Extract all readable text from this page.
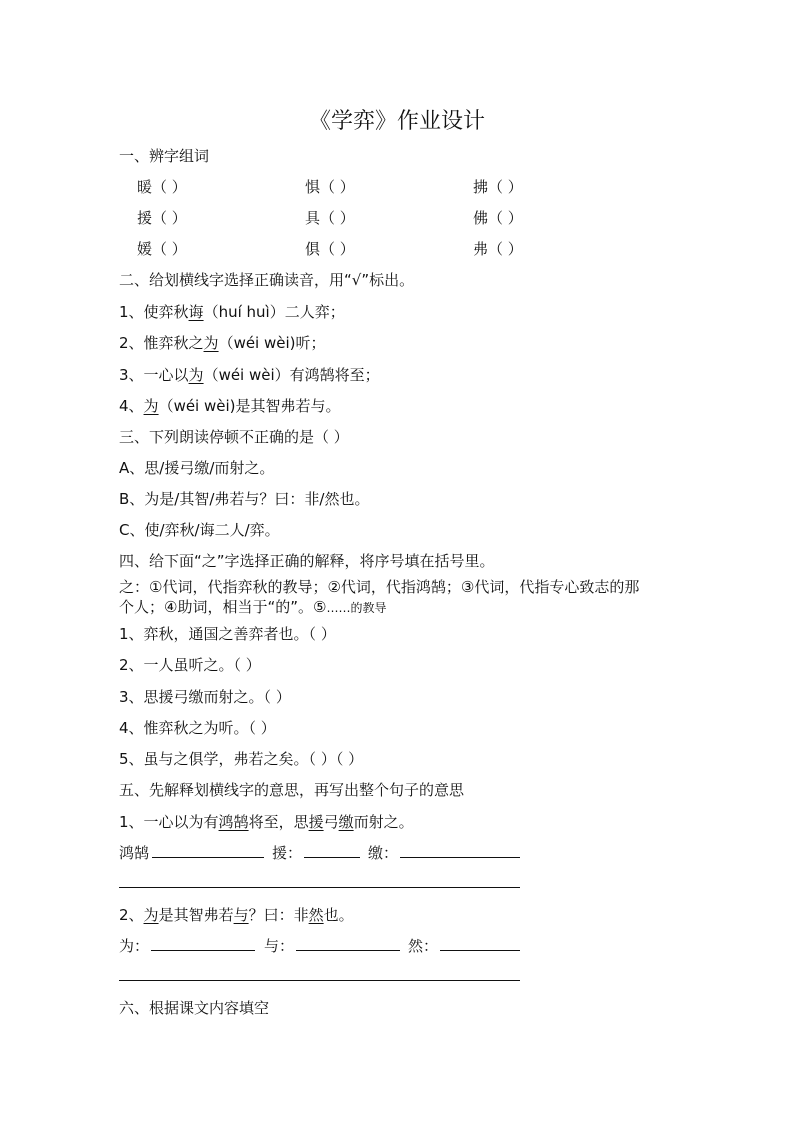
《学弈》作业设计
一、辨字组词
暖（ ）	惧（ ）	拂（ ）
援（ ）	具（ ）	佛（ ）
媛（ ）	俱（ ）	弗（ ）
二、给划横线字选择正确读音，用“√”标出。
1、使弈秋诲（huí huì）二人弈；
2、惟弈秋之为（wéi wèi)听；
3、一心以为（wéi wèi）有鸿鹄将至；
4、为（wéi wèi)是其智弗若与。
三、下列朗读停顿不正确的是（ ）
A、思/援弓缴/而射之。
B、为是/其智/弗若与？曰：非/然也。
C、使/弈秋/诲二人/弈。
四、给下面“之”字选择正确的解释，将序号填在括号里。
之：①代词，代指弈秋的教导；②代词，代指鸿鹄；③代词，代指专心致志的那
个人；④助词，相当于“的”。⑤……的教导
1、弈秋，通国之善弈者也。（ ）
2、一人虽听之。（ ）
3、思援弓缴而射之。（ ）
4、惟弈秋之为听。（ ）
5、虽与之俱学，弗若之矣。（ ）（ ）
五、先解释划横线字的意思，再写出整个句子的意思
1、一心以为有鸿鹄将至，思援弓缴而射之。
鸿鹄	援：	缴：
2、为是其智弗若与？曰：非然也。
为：	与：	然：
六、根据课文内容填空
